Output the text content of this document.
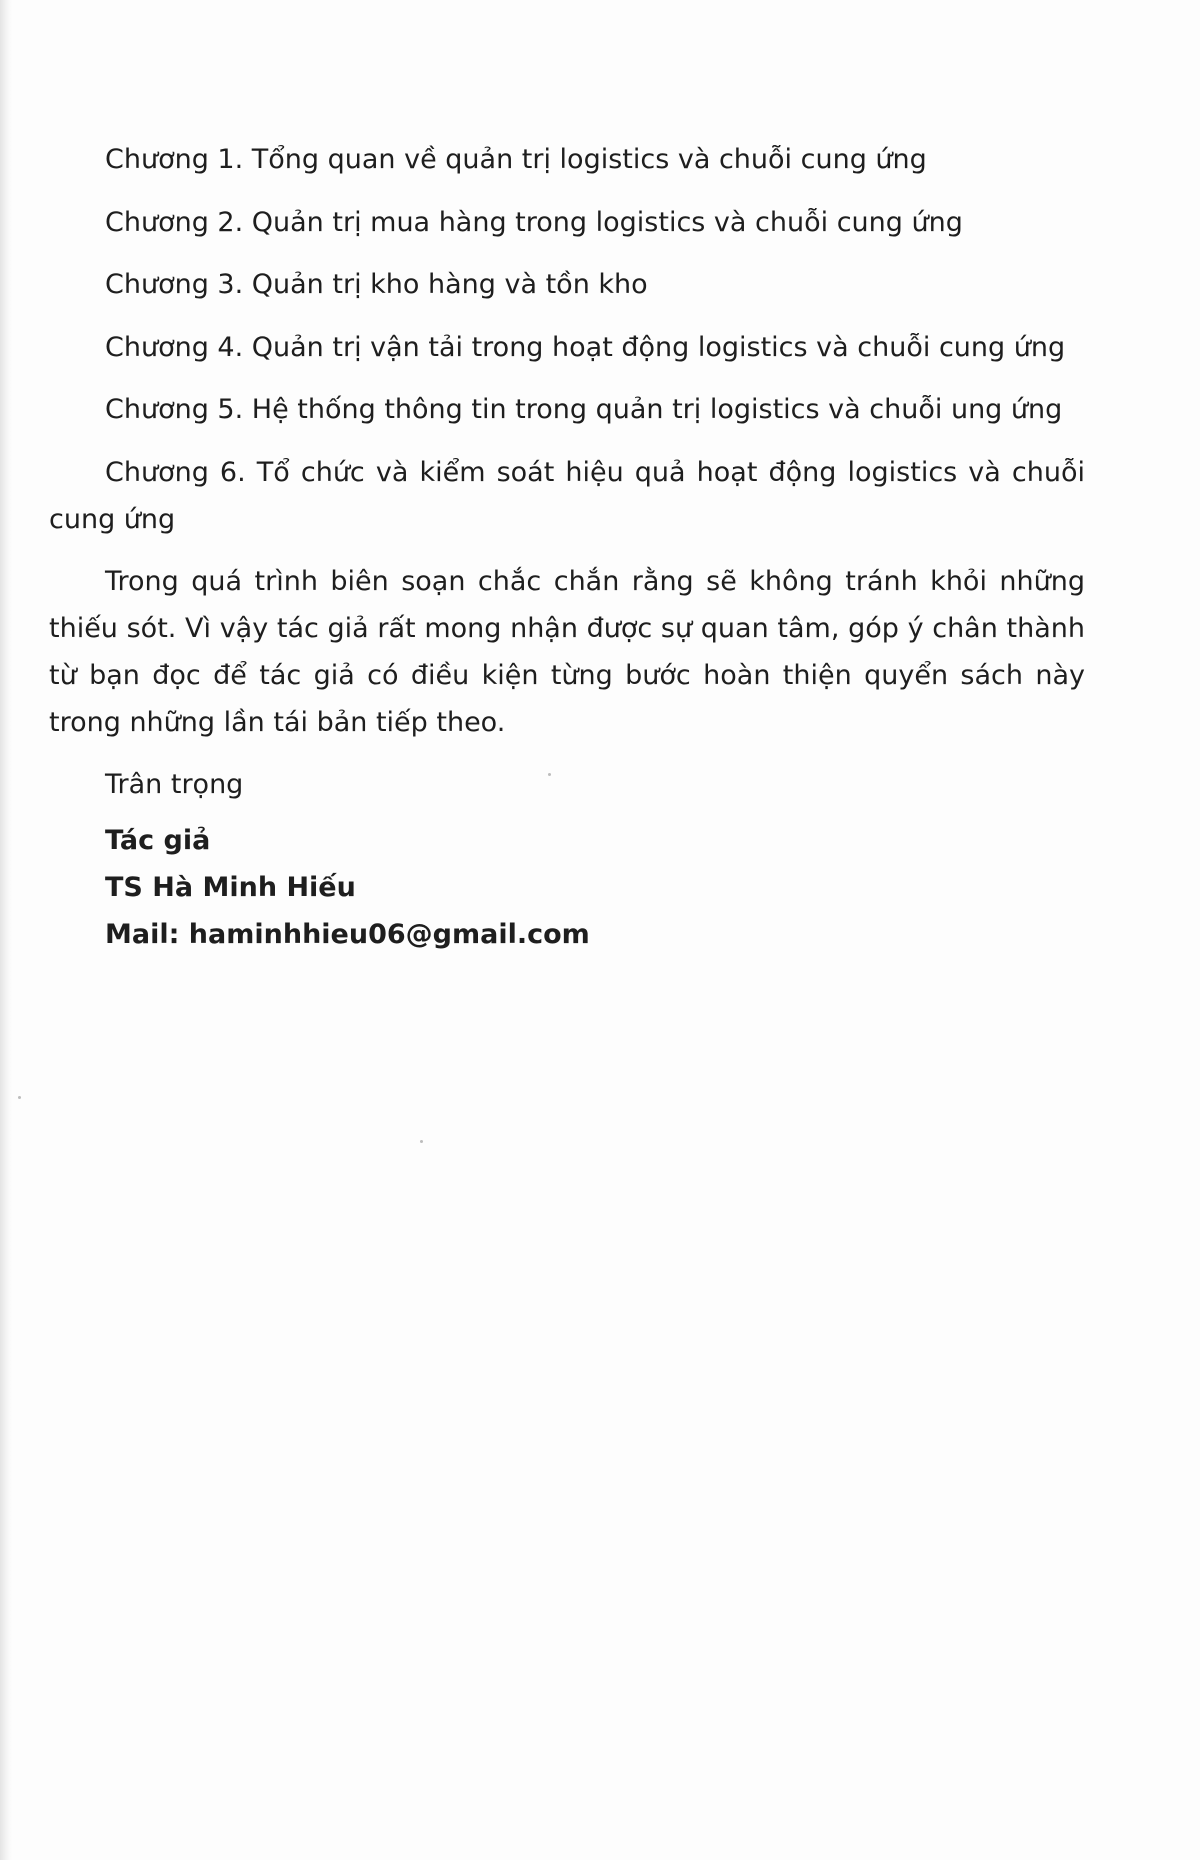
Chương 1. Tổng quan về quản trị logistics và chuỗi cung ứng

Chương 2. Quản trị mua hàng trong logistics và chuỗi cung ứng

Chương 3. Quản trị kho hàng và tồn kho

Chương 4. Quản trị vận tải trong hoạt động logistics và chuỗi cung ứng

Chương 5. Hệ thống thông tin trong quản trị logistics và chuỗi ung ứng

Chương 6. Tổ chức và kiểm soát hiệu quả hoạt động logistics và chuỗi cung ứng

Trong quá trình biên soạn chắc chắn rằng sẽ không tránh khỏi những thiếu sót. Vì vậy tác giả rất mong nhận được sự quan tâm, góp ý chân thành từ bạn đọc để tác giả có điều kiện từng bước hoàn thiện quyển sách này trong những lần tái bản tiếp theo.

Trân trọng
Tác giả
TS Hà Minh Hiếu
Mail: haminhhieu06@gmail.com
